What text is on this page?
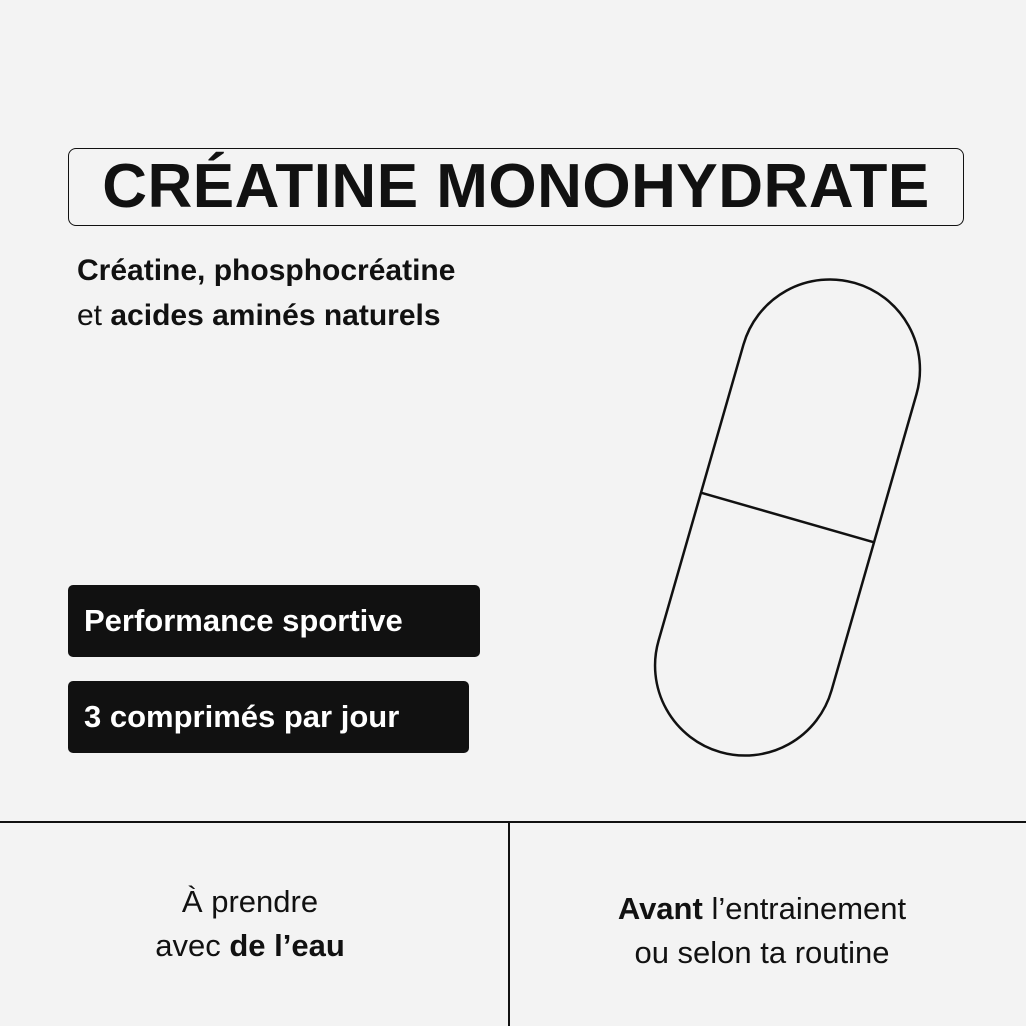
CRÉATINE MONOHYDRATE
Créatine, phosphocréatine
et acides aminés naturels
Performance sportive
3 comprimés par jour
À prendre
avec de l’eau
Avant l’entrainement
ou selon ta routine
